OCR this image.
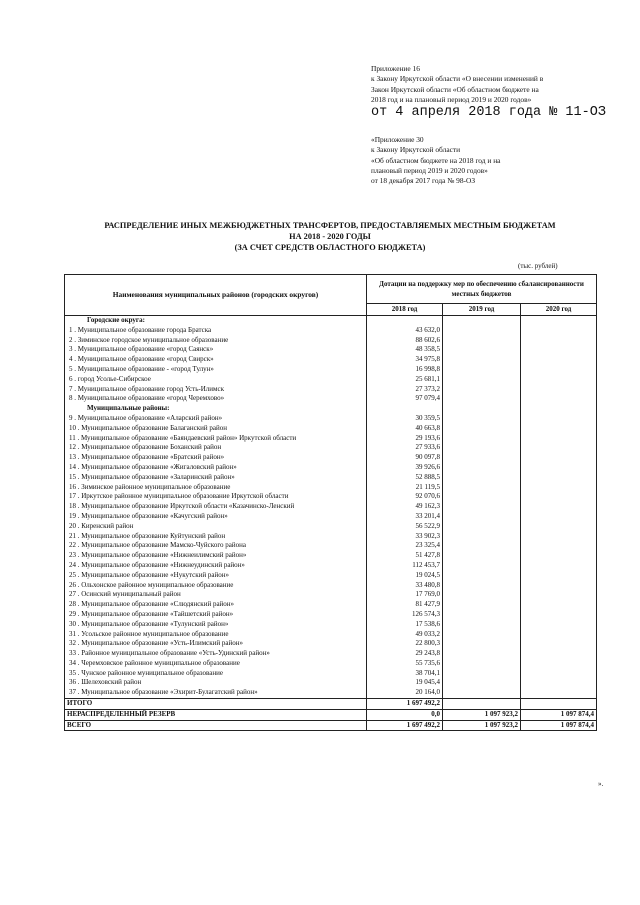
Приложение 16
к Закону Иркутской области «О внесении изменений в
Закон Иркутской области «Об областном бюджете на
2018 год и на плановый период 2019 и 2020 годов»
от 4 апреля 2018 года № 11-ОЗ
«Приложение 30
к Закону Иркутской области
«Об областном бюджете на 2018 год и на
плановый период 2019 и 2020 годов»
от 18 декабря 2017 года № 98-ОЗ
РАСПРЕДЕЛЕНИЕ ИНЫХ МЕЖБЮДЖЕТНЫХ ТРАНСФЕРТОВ, ПРЕДОСТАВЛЯЕМЫХ МЕСТНЫМ БЮДЖЕТАМ
НА 2018 - 2020 ГОДЫ
(ЗА СЧЕТ СРЕДСТВ ОБЛАСТНОГО БЮДЖЕТА)
(тыс. рублей)
Наименования муниципальных районов (городских округов)	Дотации на поддержку мер по обеспечению сбалансированности местных бюджетов		
	2018 год	2019 год	2020 год
Городские округа:			
1 . Муниципальное образование города Братска	43 632,0		
2 . Зиминское городское муниципальное образование	88 602,6		
3 . Муниципальное образование «город Саянск»	48 358,5		
4 . Муниципальное образование «город Свирск»	34 975,8		
5 . Муниципальное образование - «город Тулун»	16 998,8		
6 . город Усолье-Сибирское	25 681,1		
7 . Муниципальное образование город Усть-Илимск	27 373,2		
8 . Муниципальное образование «город Черемхово»	97 079,4		
Муниципальные районы:			
9 . Муниципальное образование «Аларский район»	30 359,5		
10 . Муниципальное образование Балаганский район	40 663,8		
11 . Муниципальное образование «Баяндаевский район» Иркутской области	29 193,6		
12 . Муниципальное образование Боханский район	27 933,6		
13 . Муниципальное образование «Братский район»	90 097,8		
14 . Муниципальное образование «Жигаловский район»	39 926,6		
15 . Муниципальное образование «Заларинский район»	52 888,5		
16 . Зиминское районное муниципальное образование	21 119,5		
17 . Иркутское районное муниципальное образование Иркутской области	92 070,6		
18 . Муниципальное образование Иркутской области «Казачинско-Ленский	49 162,3		
19 . Муниципальное образование «Качугский район»	33 201,4		
20 . Киренский район	56 522,9		
21 . Муниципальное образование Куйтунский район	33 902,3		
22 . Муниципальное образование Мамско-Чуйского района	23 325,4		
23 . Муниципальное образование «Нижнеилимский район»	51 427,8		
24 . Муниципальное образование «Нижнеудинский район»	112 453,7		
25 . Муниципальное образование «Нукутский район»	19 024,5		
26 . Ольхонское районное муниципальное образование	33 480,8		
27 . Осинский муниципальный район	17 769,0		
28 . Муниципальное образование «Слюдянский район»	81 427,9		
29 . Муниципальное образование «Тайшетский район»	126 574,3		
30 . Муниципальное образование «Тулунский район»	17 538,6		
31 . Усольское районное муниципальное образование	49 033,2		
32 . Муниципальное образование «Усть-Илимский район»	22 800,3		
33 . Районное муниципальное образование «Усть-Удинский район»	29 243,8		
34 . Черемховское районное муниципальное образование	55 735,6		
35 . Чунское районное муниципальное образование	38 704,1		
36 . Шелеховский район	19 045,4		
37 . Муниципальное образование «Эхирит-Булагатский район»	20 164,0		
ИТОГО	1 697 492,2		
НЕРАСПРЕДЕЛЕННЫЙ РЕЗЕРВ	0,0	1 097 923,2	1 097 874,4
ВСЕГО	1 697 492,2	1 097 923,2	1 097 874,4
».
